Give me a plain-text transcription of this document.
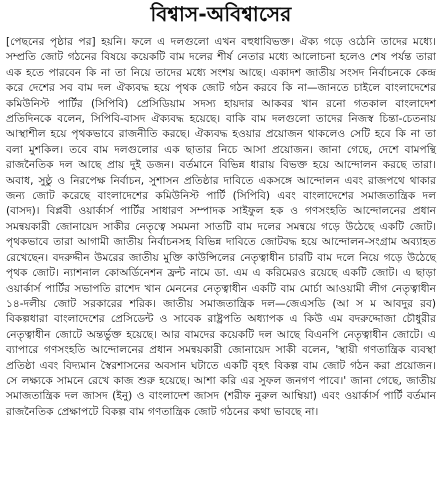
বিশ্বাস-অবিশ্বাসের

[পেছনের পৃষ্ঠার পর] হয়নি। ফলে এ দলগুলো এখন বহুধাবিভক্ত। ঐক্য গড়ে ওঠেনি তাদের মধ্যে। সম্প্রতি জোট গঠনের বিষয়ে কয়েকটি বাম দলের শীর্ষ নেতার মধ্যে আলোচনা হলেও শেষ পর্যন্ত তারা এক হতে পারবেন কি না তা নিয়ে তাদের মধ্যে সংশয় আছে। একাদশ জাতীয় সংসদ নির্বাচনকে কেন্দ্র করে দেশের সব বাম দল ঐক্যবদ্ধ হয়ে পৃথক জোট গঠন করবে কি না—জানতে চাইলে বাংলাদেশের কমিউনিস্ট পার্টির (সিপিবি) প্রেসিডিয়াম সদস্য হায়দার আকবর খান রনো গতকাল বাংলাদেশ প্রতিদিনকে বলেন, সিপিবি-বাসদ ঐক্যবদ্ধ হয়েছে। বাকি বাম দলগুলো তাদের নিজস্ব চিন্তা-চেতনায় আস্থাশীল হয়ে পৃথকভাবে রাজনীতি করছে। ঐক্যবদ্ধ হওয়ার প্রয়োজন থাকলেও সেটি হবে কি না তা বলা মুশকিল। তবে বাম দলগুলোর এক ছাতার নিচে আসা প্রয়োজন। জানা গেছে, দেশে বামপন্থি রাজনৈতিক দল আছে প্রায় দুই ডজন। বর্তমানে বিভিন্ন ধারায় বিভক্ত হয়ে আন্দোলন করছে তারা। অবাধ, সুষ্ঠু ও নিরপেক্ষ নির্বাচন, সুশাসন প্রতিষ্ঠার দাবিতে একসঙ্গে আন্দোলন এবং রাজপথে থাকার জন্য জোট করেছে বাংলাদেশের কমিউনিস্ট পার্টি (সিপিবি) এবং বাংলাদেশের সমাজতান্ত্রিক দল (বাসদ)। বিপ্লবী ওয়ার্কার্স পার্টির সাধারণ সম্পাদক সাইফুল হক ও গণসংহতি আন্দোলনের প্রধান সমন্বয়কারী জোনায়েদ সাকীর নেতৃত্বে সমমনা সাতটি বাম দলের সমন্বয়ে গড়ে উঠেছে একটি জোট। পৃথকভাবে তারা আগামী জাতীয় নির্বাচনসহ বিভিন্ন দাবিতে জোটবদ্ধ হয়ে আন্দোলন-সংগ্রাম অব্যাহত রেখেছেন। বদরুদ্দীন উমরের জাতীয় মুক্তি কাউন্সিলের নেতৃত্বাধীন চারটি বাম দলে নিয়ে গড়ে উঠেছে পৃথক জোট। ন্যাশনাল কোঅর্ডিনেশন ফ্রন্ট নামে ডা. এম এ করিমেরও রয়েছে একটি জোট। এ ছাড়া ওয়ার্কার্স পার্টির সভাপতি রাশেদ খান মেননের নেতৃত্বাধীন একটি বাম মোর্চা আওয়ামী লীগ নেতৃত্বাধীন ১৪-দলীয় জোট সরকারের শরিক। জাতীয় সমাজতান্ত্রিক দল—জেএসডি (আ স ম আবদুর রব) বিকল্পধারা বাংলাদেশের প্রেসিডেন্ট ও সাবেক রাষ্ট্রপতি অধ্যাপক এ কিউ এম বদরুদ্দোজা চৌধুরীর নেতৃত্বাধীন জোটে অন্তর্ভুক্ত হয়েছে। আর বামদের কয়েকটি দল আছে বিএনপি নেতৃত্বাধীন জোটে। এ ব্যাপারে গণসংহতি আন্দোলনের প্রধান সমন্বয়কারী জোনায়েদ সাকী বলেন, 'স্থায়ী গণতান্ত্রিক ব্যবস্থা প্রতিষ্ঠা এবং বিদ্যমান স্বৈরশাসনের অবসান ঘটাতে একটি বৃহৎ বিকল্প বাম জোট গঠন করা প্রয়োজন। সে লক্ষ্যকে সামনে রেখে কাজ শুরু হয়েছে। আশা করি এর সুফল জনগণ পাবে।' জানা গেছে, জাতীয় সমাজতান্ত্রিক দল জাসদ (ইনু) ও বাংলাদেশ জাসদ (শরীফ নুরুল আম্বিয়া) এবং ওয়ার্কার্স পার্টি বর্তমান রাজনৈতিক প্রেক্ষাপটে বিকল্প বাম গণতান্ত্রিক জোট গঠনের কথা ভাবছে না।
